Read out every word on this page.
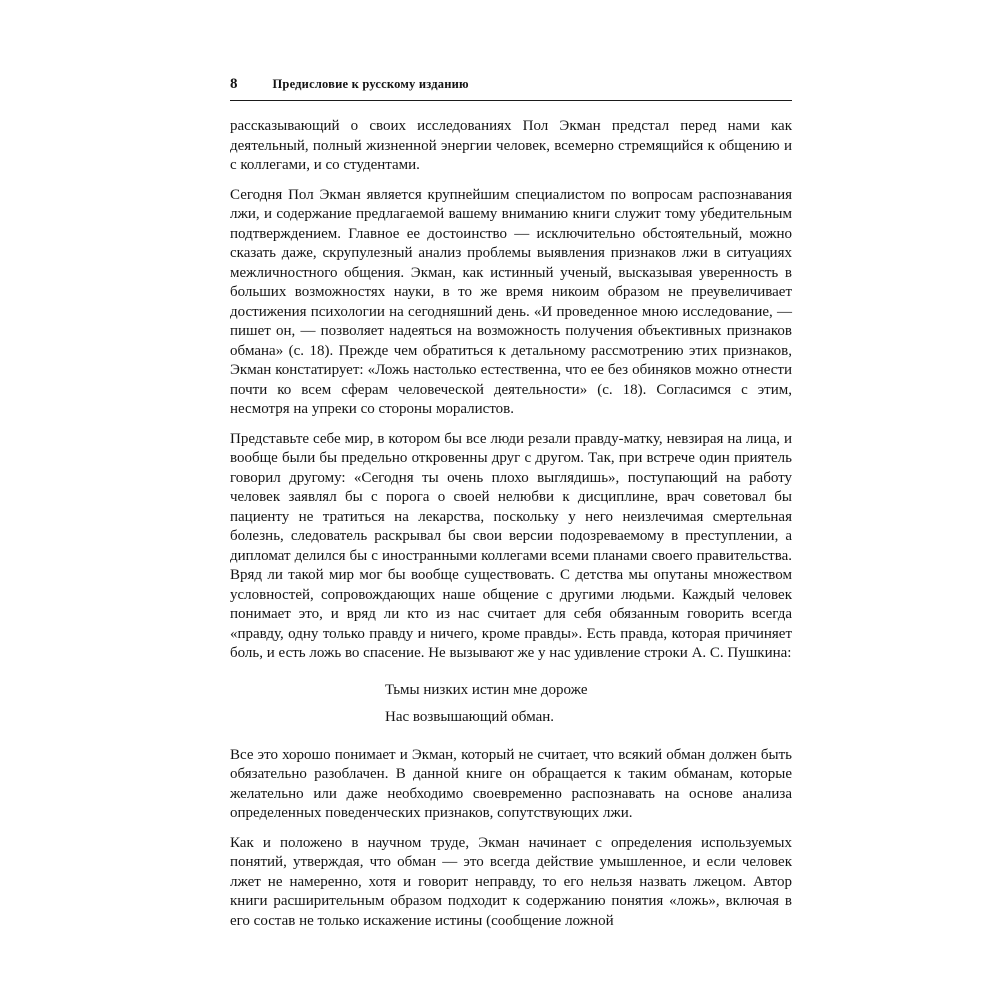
8	Предисловие к русскому изданию

рассказывающий о своих исследованиях Пол Экман предстал перед нами как деятельный, полный жизненной энергии человек, всемерно стремящийся к общению и с коллегами, и со студентами.

Сегодня Пол Экман является крупнейшим специалистом по вопросам распознавания лжи, и содержание предлагаемой вашему вниманию книги служит тому убедительным подтверждением. Главное ее достоинство — исключительно обстоятельный, можно сказать даже, скрупулезный анализ проблемы выявления признаков лжи в ситуациях межличностного общения. Экман, как истинный ученый, высказывая уверенность в больших возможностях науки, в то же время никоим образом не преувеличивает достижения психологии на сегодняшний день. «И проведенное мною исследование, — пишет он, — позволяет надеяться на возможность получения объективных признаков обмана» (с. 18). Прежде чем обратиться к детальному рассмотрению этих признаков, Экман констатирует: «Ложь настолько естественна, что ее без обиняков можно отнести почти ко всем сферам человеческой деятельности» (с. 18). Согласимся с этим, несмотря на упреки со стороны моралистов.

Представьте себе мир, в котором бы все люди резали правду-матку, невзирая на лица, и вообще были бы предельно откровенны друг с другом. Так, при встрече один приятель говорил другому: «Сегодня ты очень плохо выглядишь», поступающий на работу человек заявлял бы с порога о своей нелюбви к дисциплине, врач советовал бы пациенту не тратиться на лекарства, поскольку у него неизлечимая смертельная болезнь, следователь раскрывал бы свои версии подозреваемому в преступлении, а дипломат делился бы с иностранными коллегами всеми планами своего правительства. Вряд ли такой мир мог бы вообще существовать. С детства мы опутаны множеством условностей, сопровождающих наше общение с другими людьми. Каждый человек понимает это, и вряд ли кто из нас считает для себя обязанным говорить всегда «правду, одну только правду и ничего, кроме правды». Есть правда, которая причиняет боль, и есть ложь во спасение. Не вызывают же у нас удивление строки А. С. Пушкина:

Тьмы низких истин мне дороже
Нас возвышающий обман.

Все это хорошо понимает и Экман, который не считает, что всякий обман должен быть обязательно разоблачен. В данной книге он обращается к таким обманам, которые желательно или даже необходимо своевременно распознавать на основе анализа определенных поведенческих признаков, сопутствующих лжи.

Как и положено в научном труде, Экман начинает с определения используемых понятий, утверждая, что обман — это всегда действие умышленное, и если человек лжет не намеренно, хотя и говорит неправду, то его нельзя назвать лжецом. Автор книги расширительным образом подходит к содержанию понятия «ложь», включая в его состав не только искажение истины (сообщение ложной
